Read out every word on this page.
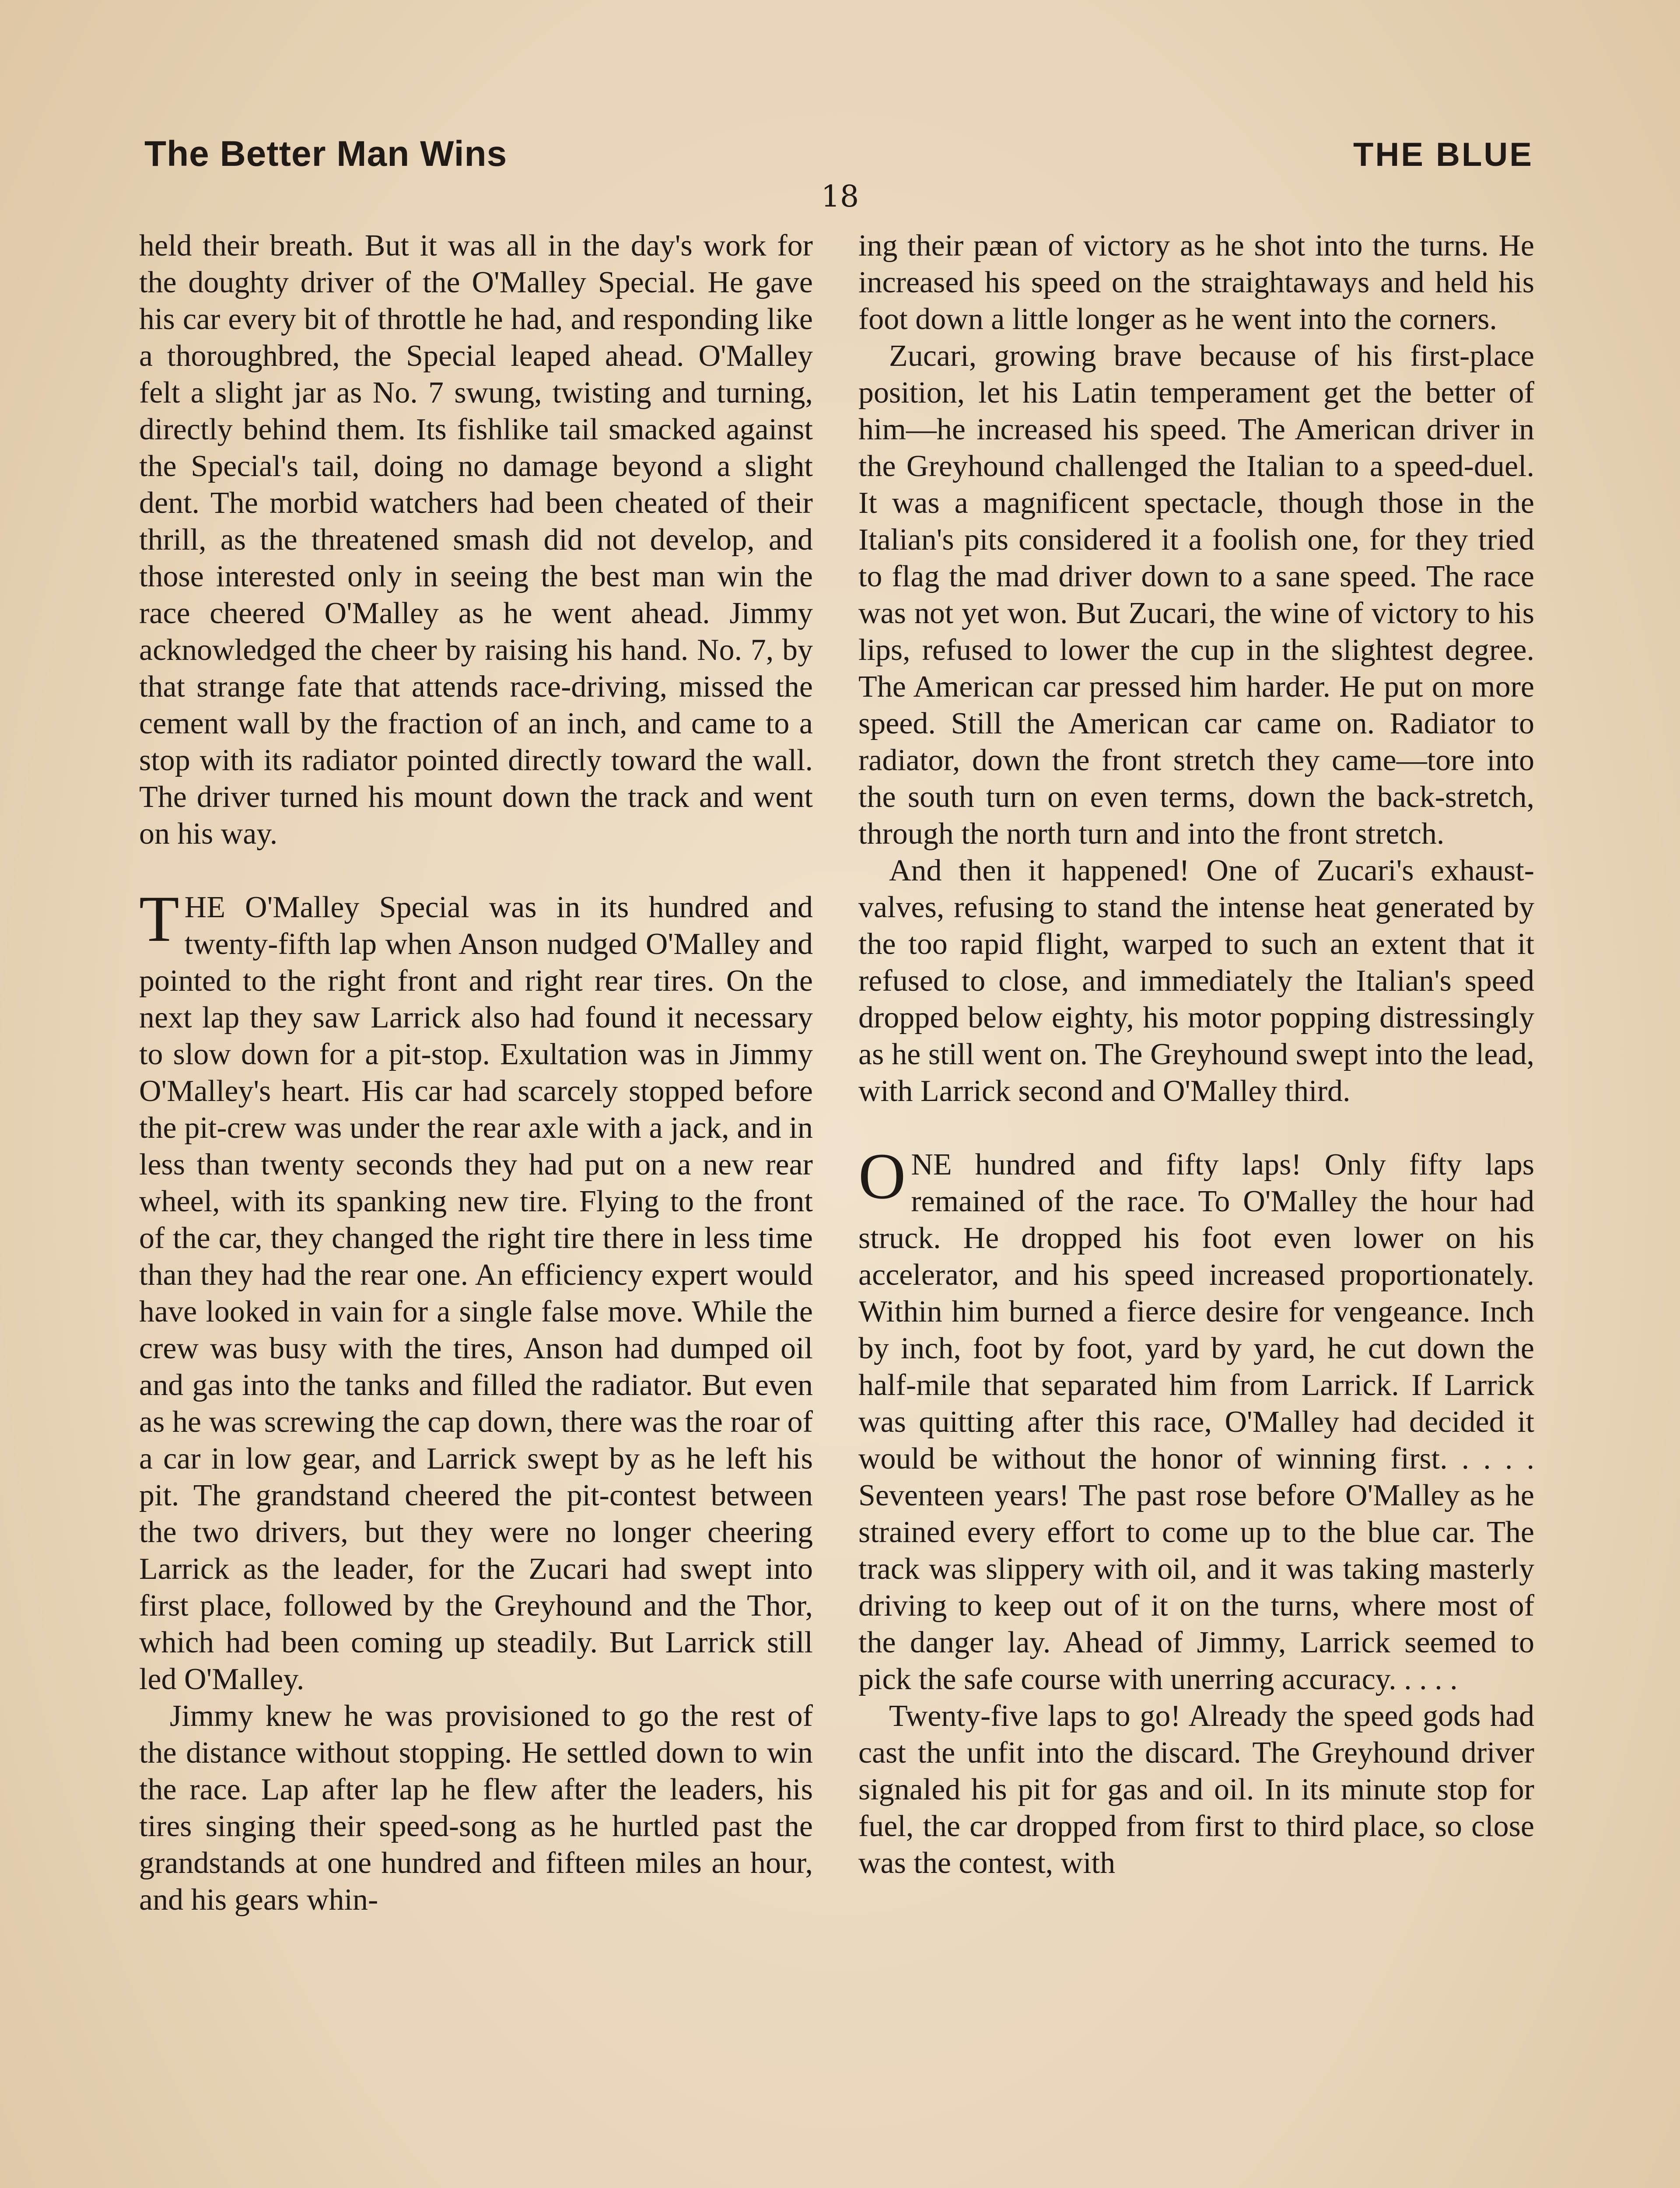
The Better Man Wins	THE BLUE
18

held their breath. But it was all in the day's work for the doughty driver of the O'Malley Special. He gave his car every bit of throttle he had, and responding like a thoroughbred, the Special leaped ahead. O'Malley felt a slight jar as No. 7 swung, twisting and turning, directly behind them. Its fishlike tail smacked against the Special's tail, doing no damage beyond a slight dent. The morbid watchers had been cheated of their thrill, as the threatened smash did not develop, and those interested only in seeing the best man win the race cheered O'Malley as he went ahead. Jimmy acknowledged the cheer by raising his hand. No. 7, by that strange fate that attends race-driving, missed the cement wall by the fraction of an inch, and came to a stop with its radiator pointed directly toward the wall. The driver turned his mount down the track and went on his way.

THE O'Malley Special was in its hundred and twenty-fifth lap when Anson nudged O'Malley and pointed to the right front and right rear tires. On the next lap they saw Larrick also had found it necessary to slow down for a pit-stop. Exultation was in Jimmy O'Malley's heart. His car had scarcely stopped before the pit-crew was under the rear axle with a jack, and in less than twenty seconds they had put on a new rear wheel, with its spanking new tire. Flying to the front of the car, they changed the right tire there in less time than they had the rear one. An efficiency expert would have looked in vain for a single false move. While the crew was busy with the tires, Anson had dumped oil and gas into the tanks and filled the radiator. But even as he was screwing the cap down, there was the roar of a car in low gear, and Larrick swept by as he left his pit. The grandstand cheered the pit-contest between the two drivers, but they were no longer cheering Larrick as the leader, for the Zucari had swept into first place, followed by the Greyhound and the Thor, which had been coming up steadily. But Larrick still led O'Malley.

Jimmy knew he was provisioned to go the rest of the distance without stopping. He settled down to win the race. Lap after lap he flew after the leaders, his tires singing their speed-song as he hurtled past the grandstands at one hundred and fifteen miles an hour, and his gears whin-

ing their pæan of victory as he shot into the turns. He increased his speed on the straightaways and held his foot down a little longer as he went into the corners.

Zucari, growing brave because of his first-place position, let his Latin temperament get the better of him—he increased his speed. The American driver in the Greyhound challenged the Italian to a speed-duel. It was a magnificent spectacle, though those in the Italian's pits considered it a foolish one, for they tried to flag the mad driver down to a sane speed. The race was not yet won. But Zucari, the wine of victory to his lips, refused to lower the cup in the slightest degree. The American car pressed him harder. He put on more speed. Still the American car came on. Radiator to radiator, down the front stretch they came—tore into the south turn on even terms, down the back-stretch, through the north turn and into the front stretch.

And then it happened! One of Zucari's exhaust-valves, refusing to stand the intense heat generated by the too rapid flight, warped to such an extent that it refused to close, and immediately the Italian's speed dropped below eighty, his motor popping distressingly as he still went on. The Greyhound swept into the lead, with Larrick second and O'Malley third.

ONE hundred and fifty laps! Only fifty laps remained of the race. To O'Malley the hour had struck. He dropped his foot even lower on his accelerator, and his speed increased proportionately. Within him burned a fierce desire for vengeance. Inch by inch, foot by foot, yard by yard, he cut down the half-mile that separated him from Larrick. If Larrick was quitting after this race, O'Malley had decided it would be without the honor of winning first. . . . . Seventeen years! The past rose before O'Malley as he strained every effort to come up to the blue car. The track was slippery with oil, and it was taking masterly driving to keep out of it on the turns, where most of the danger lay. Ahead of Jimmy, Larrick seemed to pick the safe course with unerring accuracy. . . . .

Twenty-five laps to go! Already the speed gods had cast the unfit into the discard. The Greyhound driver signaled his pit for gas and oil. In its minute stop for fuel, the car dropped from first to third place, so close was the contest, with
